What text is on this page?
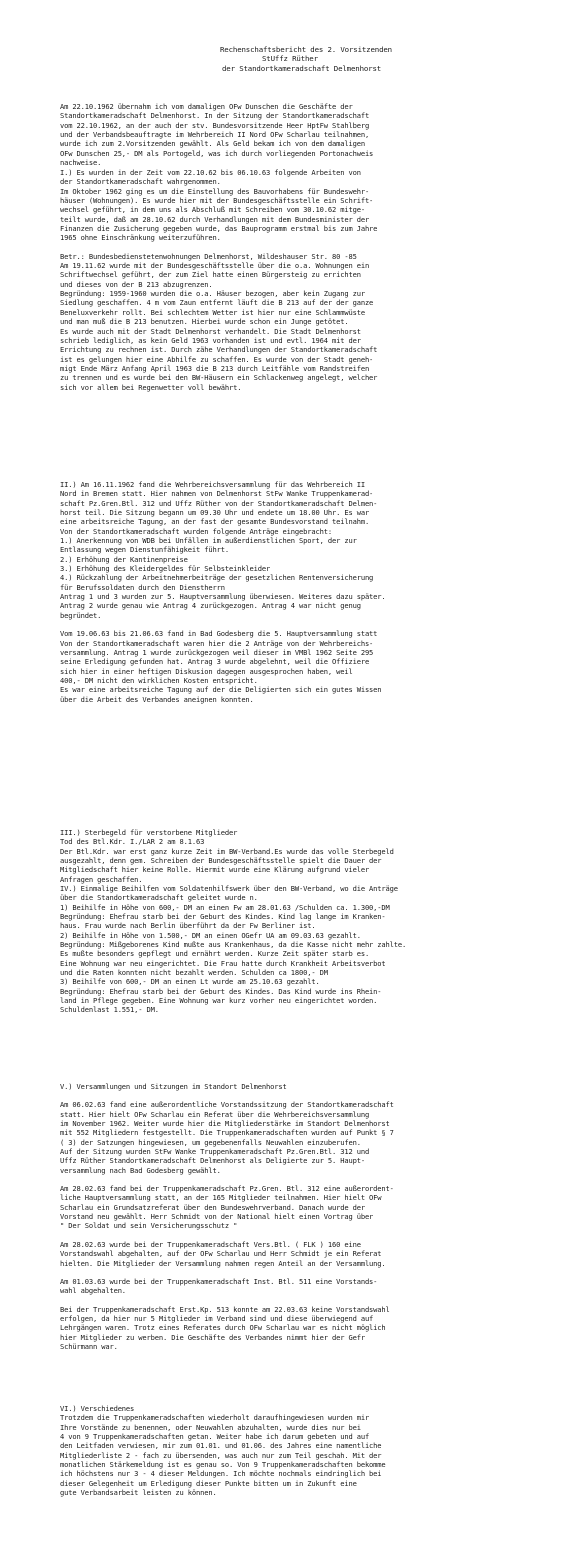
Rechenschaftsbericht des 2. Vorsitzenden
StUffz Rüther
der Standortkameradschaft Delmenhorst
Am 22.10.1962 übernahm ich vom damaligen OFw Dunschen die Geschäfte der
Standortkameradschaft Delmenhorst. In der Sitzung der Standortkameradschaft
vom 22.10.1962, an der auch der stv. Bundesvorsitzende Heer HptFw Stahlberg
und der Verbandsbeauftragte im Wehrbereich II Nord OFw Scharlau teilnahmen,
wurde ich zum 2.Vorsitzenden gewählt. Als Geld bekam ich von dem damaligen
OFw Dunschen 25,- DM als Portogeld, was ich durch vorliegenden Portonachweis
nachweise.
I.) Es wurden in der Zeit vom 22.10.62 bis 06.10.63 folgende Arbeiten von
der Standortkameradschaft wahrgenommen.
Im Oktober 1962 ging es um die Einstellung des Bauvorhabens für Bundeswehr-
häuser (Wohnungen). Es wurde hier mit der Bundesgeschäftsstelle ein Schrift-
wechsel geführt, in dem uns als Abschluß mit Schreiben vom 30.10.62 mitge-
teilt wurde, daß am 28.10.62 durch Verhandlungen mit dem Bundesminister der
Finanzen die Zusicherung gegeben wurde, das Bauprogramm erstmal bis zum Jahre
1965 ohne Einschränkung weiterzuführen.
Betr.: Bundesbedienstetenwohnungen Delmenhorst, Wildeshauser Str. 80 -85
Am 19.11.62 wurde mit der Bundesgeschäftsstelle über die o.a. Wohnungen ein
Schriftwechsel geführt, der zum Ziel hatte einen Bürgersteig zu errichten
und dieses von der B 213 abzugrenzen.
Begründung: 1959-1960 wurden die o.a. Häuser bezogen, aber kein Zugang zur
Siedlung geschaffen. 4 m vom Zaun entfernt läuft die B 213 auf der der ganze
Beneluxverkehr rollt. Bei schlechtem Wetter ist hier nur eine Schlammwüste
und man muß die B 213 benutzen. Hierbei wurde schon ein Junge getötet.
Es wurde auch mit der Stadt Delmenhorst verhandelt. Die Stadt Delmenhorst
schrieb lediglich, as kein Geld 1963 vorhanden ist und evtl. 1964 mit der
Errichtung zu rechnen ist. Durch zähe Verhandlungen der Standortkameradschaft
ist es gelungen hier eine Abhilfe zu schaffen. Es wurde von der Stadt geneh-
migt Ende März Anfang April 1963 die B 213 durch Leitfähle vom Randstreifen
zu trennen und es wurde bei den BW-Häusern ein Schlackenweg angelegt, welcher
sich vor allem bei Regenwetter voll bewährt.
II.) Am 16.11.1962 fand die Wehrbereichsversammlung für das Wehrbereich II
Nord in Bremen statt. Hier nahmen von Delmenhorst StFw Wanke Truppenkamerad-
schaft Pz.Gren.Btl. 312 und Uffz Rüther von der Standortkameradschaft Delmen-
horst teil. Die Sitzung begann um 09.30 Uhr und endete um 18.00 Uhr. Es war
eine arbeitsreiche Tagung, an der fast der gesamte Bundesvorstand teilnahm.
Von der Standortkameradschaft wurden folgende Anträge eingebracht:
1.) Anerkennung von WDB bei Unfällen im außerdienstlichen Sport, der zur
Entlassung wegen Dienstunfähigkeit führt.
2.) Erhöhung der Kantinenpreise
3.) Erhöhung des Kleidergeldes für Selbsteinkleider
4.) Rückzahlung der Arbeitnehmerbeiträge der gesetzlichen Rentenversicherung
für Berufssoldaten durch den Dienstherrn
Antrag 1 und 3 wurden zur 5. Hauptversammlung überwiesen. Weiteres dazu später.
Antrag 2 wurde genau wie Antrag 4 zurückgezogen. Antrag 4 war nicht genug
begründet.
Vom 19.06.63 bis 21.06.63 fand in Bad Godesberg die 5. Hauptversammlung statt
Von der Standortkameradschaft waren hier die 2 Anträge von der Wehrbereichs-
versammlung. Antrag 1 wurde zurückgezogen weil dieser im VMBl 1962 Seite 295
seine Erledigung gefunden hat. Antrag 3 wurde abgelehnt, weil die Offiziere
sich hier in einer heftigen Diskusion dagegen ausgesprochen haben, weil
400,- DM nicht den wirklichen Kosten entspricht.
Es war eine arbeitsreiche Tagung auf der die Deligierten sich ein gutes Wissen
über die Arbeit des Verbandes aneignen konnten.
III.) Sterbegeld für verstorbene Mitglieder
Tod des Btl.Kdr. I./LAR 2 am 8.1.63
Der Btl.Kdr. war erst ganz kurze Zeit im BW-Verband.Es wurde das volle Sterbegeld
ausgezahlt, denn gem. Schreiben der Bundesgeschäftsstelle spielt die Dauer der
Mitgliedschaft hier keine Rolle. Hiermit wurde eine Klärung aufgrund vieler
Anfragen geschaffen.
IV.) Einmalige Beihilfen vom Soldatenhilfswerk über den BW-Verband, wo die Anträge
über die Standortkameradschaft geleitet wurde n.
1) Beihilfe in Höhe von 600,- DM an einen Fw am 28.01.63 /Schulden ca. 1.300,-DM
Begründung: Ehefrau starb bei der Geburt des Kindes. Kind lag lange im Kranken-
haus. Frau wurde nach Berlin überführt da der Fw Berliner ist.
2) Beihilfe in Höhe von 1.500,- DM an einen OGefr UA am 09.03.63 gezahlt.
Begründung: Mißgeborenes Kind mußte aus Krankenhaus, da die Kasse nicht mehr zahlte.
Es mußte besonders gepflegt und ernährt werden. Kurze Zeit später starb es.
Eine Wohnung war neu eingerichtet. Die Frau hatte durch Krankheit Arbeitsverbot
und die Raten konnten nicht bezahlt werden. Schulden ca 1800,- DM
3) Beihilfe von 600,- DM an einen Lt wurde am 25.10.63 gezahlt.
Begründung: Ehefrau starb bei der Geburt des Kindes. Das Kind wurde ins Rhein-
land in Pflege gegeben. Eine Wohnung war kurz vorher neu eingerichtet worden.
Schuldenlast 1.551,- DM.
V.) Versammlungen und Sitzungen im Standort Delmenhorst
Am 06.02.63 fand eine außerordentliche Vorstandssitzung der Standortkameradschaft
statt. Hier hielt OFw Scharlau ein Referat über die Wehrbereichsversammlung
im November 1962. Weiter wurde hier die Mitgliederstärke im Standort Delmenhorst
mit 552 Mitgliedern festgestellt. Die Truppenkameradschaften wurden auf Punkt § 7
( 3) der Satzungen hingewiesen, um gegebenenfalls Neuwahlen einzuberufen.
Auf der Sitzung wurden StFw Wanke Truppenkameradschaft Pz.Gren.Btl. 312 und
Uffz Rüther Standortkameradschaft Delmenhorst als Deligierte zur 5. Haupt-
versammlung nach Bad Godesberg gewählt.
Am 28.02.63 fand bei der Truppenkameradschaft Pz.Gren. Btl. 312 eine außerordent-
liche Hauptversammlung statt, an der 165 Mitglieder teilnahmen. Hier hielt OFw
Scharlau ein Grundsatzreferat über den Bundeswehrverband. Danach wurde der
Vorstand neu gewählt. Herr Schmidt von der National hielt einen Vortrag über
" Der Soldat und sein Versicherungsschutz "
Am 28.02.63 wurde bei der Truppenkameradschaft Vers.Btl. ( FLK ) 160 eine
Vorstandswahl abgehalten, auf der OFw Scharlau und Herr Schmidt je ein Referat
hielten. Die Mitglieder der Versammlung nahmen regen Anteil an der Versammlung.
Am 01.03.63 wurde bei der Truppenkameradschaft Inst. Btl. 511 eine Vorstands-
wahl abgehalten.
Bei der Truppenkameradschaft Erst.Kp. 513 konnte am 22.03.63 keine Vorstandswahl
erfolgen, da hier nur 5 Mitglieder im Verband sind und diese überwiegend auf
Lehrgängen waren. Trotz eines Referates durch OFw Scharlau war es nicht möglich
hier Mitglieder zu werben. Die Geschäfte des Verbandes nimmt hier der Gefr
Schürmann war.
VI.) Verschiedenes
Trotzdem die Truppenkameradschaften wiederholt daraufhingewiesen wurden mir
Ihre Vorstände zu benennen, oder Neuwahlen abzuhalten, wurde dies nur bei
4 von 9 Truppenkameradschaften getan. Weiter habe ich darum gebeten und auf
den Leitfaden verwiesen, mir zum 01.01. und 01.06. des Jahres eine namentliche
Mitgliederliste 2 - fach zu übersenden, was auch nur zum Teil geschah. Mit der
monatlichen Stärkemeldung ist es genau so. Von 9 Truppenkameradschaften bekomme
ich höchstens nur 3 - 4 dieser Meldungen. Ich möchte nochmals eindringlich bei
dieser Gelegenheit um Erledigung dieser Punkte bitten um in Zukunft eine
gute Verbandsarbeit leisten zu können.
